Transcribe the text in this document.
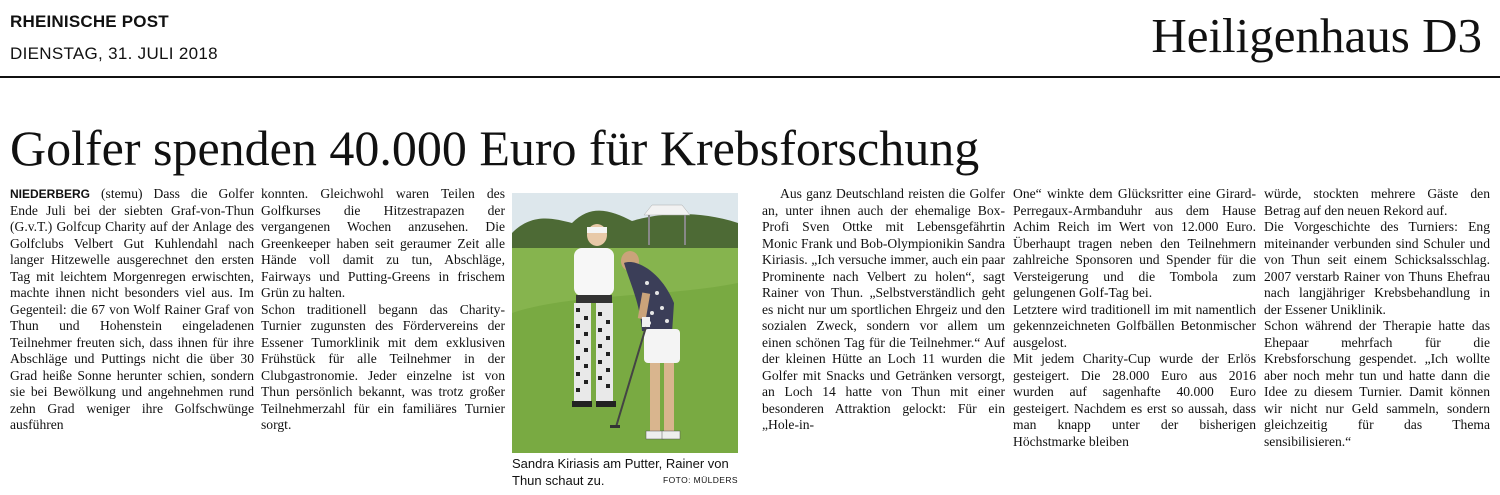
RHEINISCHE POST
DIENSTAG, 31. JULI 2018	Heiligenhaus D3
Golfer spenden 40.000 Euro für Krebsforschung

NIEDERBERG (stemu) Dass die Golfer Ende Juli bei der siebten Graf-von-Thun (G.v.T.) Golfcup Charity auf der Anlage des Golfclubs Velbert Gut Kuhlendahl nach langer Hitzewelle ausgerechnet den ersten Tag mit leichtem Morgenregen erwischten, machte ihnen nicht besonders viel aus. Im Gegenteil: die 67 von Wolf Rainer Graf von Thun und Hohenstein eingeladenen Teilnehmer freuten sich, dass ihnen für ihre Abschläge und Puttings nicht die über 30 Grad heiße Sonne herunter schien, sondern sie bei Bewölkung und angehnehmen rund zehn Grad weniger ihre Golfschwünge ausführen

konnten. Gleichwohl waren Teilen des Golfkurses die Hitzestrapazen der vergangenen Wochen anzusehen. Die Greenkeeper haben seit geraumer Zeit alle Hände voll damit zu tun, Abschläge, Fairways und Putting-Greens in frischem Grün zu halten.

Schon traditionell begann das Charity-Turnier zugunsten des Fördervereins der Essener Tumorklinik mit dem exklusiven Frühstück für alle Teilnehmer in der Clubgastronomie. Jeder einzelne ist von Thun persönlich bekannt, was trotz großer Teilnehmerzahl für ein familiäres Turnier sorgt.

Sandra Kiriasis am Putter, Rainer von Thun schaut zu.	FOTO: MÜLDERS

Aus ganz Deutschland reisten die Golfer an, unter ihnen auch der ehemalige Box-Profi Sven Ottke mit Lebensgefährtin Monic Frank und Bob-Olympionikin Sandra Kiriasis. „Ich versuche immer, auch ein paar Prominente nach Velbert zu holen“, sagt Rainer von Thun. „Selbstverständlich geht es nicht nur um sportlichen Ehrgeiz und den sozialen Zweck, sondern vor allem um einen schönen Tag für die Teilnehmer.“ Auf der kleinen Hütte an Loch 11 wurden die Golfer mit Snacks und Getränken versorgt, an Loch 14 hatte von Thun mit einer besonderen Attraktion gelockt: Für ein „Hole-in-

One“ winkte dem Glücksritter eine Girard-Perregaux-Armbanduhr aus dem Hause Achim Reich im Wert von 12.000 Euro. Überhaupt tragen neben den Teilnehmern zahlreiche Sponsoren und Spender für die Versteigerung und die Tombola zum gelungenen Golf-Tag bei.

Letztere wird traditionell im mit namentlich gekennzeichneten Golfbällen Betonmischer ausgelost.

Mit jedem Charity-Cup wurde der Erlös gesteigert. Die 28.000 Euro aus 2016 wurden auf sagenhafte 40.000 Euro gesteigert. Nachdem es erst so aussah, dass man knapp unter der bisherigen Höchstmarke bleiben

würde, stockten mehrere Gäste den Betrag auf den neuen Rekord auf.

Die Vorgeschichte des Turniers: Eng miteinander verbunden sind Schuler und von Thun seit einem Schicksalsschlag. 2007 verstarb Rainer von Thuns Ehefrau nach langjähriger Krebsbehandlung in der Essener Uniklinik.

Schon während der Therapie hatte das Ehepaar mehrfach für die Krebsforschung gespendet. „Ich wollte aber noch mehr tun und hatte dann die Idee zu diesem Turnier. Damit können wir nicht nur Geld sammeln, sondern gleichzeitig für das Thema sensibilisieren.“
